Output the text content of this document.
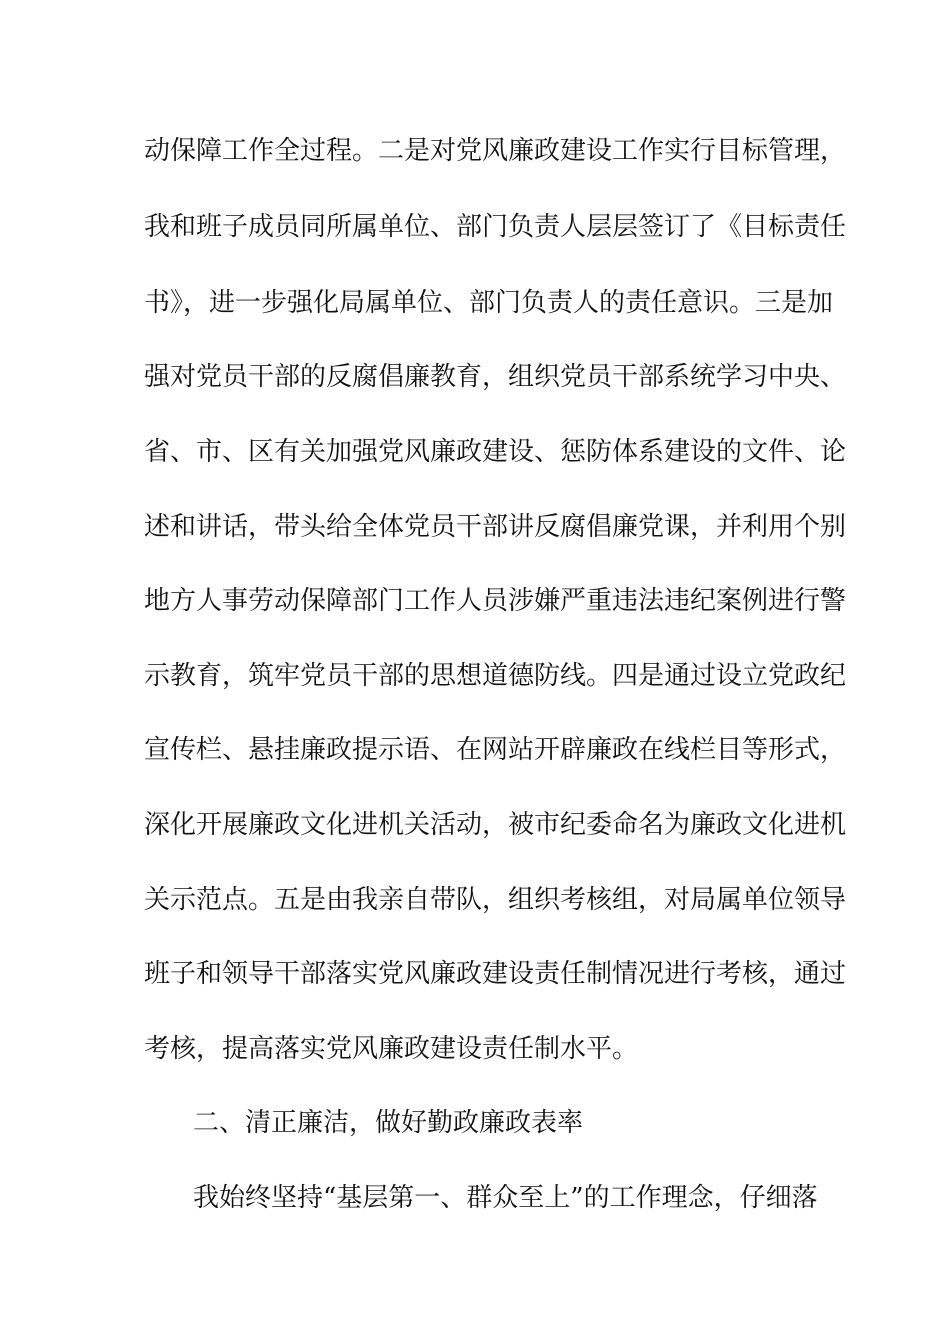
动保障工作全过程。二是对党风廉政建设工作实行目标管理，
我和班子成员同所属单位、部门负责人层层签订了《目标责任
书》，进一步强化局属单位、部门负责人的责任意识。三是加
强对党员干部的反腐倡廉教育，组织党员干部系统学习中央、
省、市、区有关加强党风廉政建设、惩防体系建设的文件、论
述和讲话，带头给全体党员干部讲反腐倡廉党课，并利用个别
地方人事劳动保障部门工作人员涉嫌严重违法违纪案例进行警
示教育，筑牢党员干部的思想道德防线。四是通过设立党政纪
宣传栏、悬挂廉政提示语、在网站开辟廉政在线栏目等形式，
深化开展廉政文化进机关活动，被市纪委命名为廉政文化进机
关示范点。五是由我亲自带队，组织考核组，对局属单位领导
班子和领导干部落实党风廉政建设责任制情况进行考核，通过
考核，提高落实党风廉政建设责任制水平。
二、清正廉洁，做好勤政廉政表率
我始终坚持“基层第一、群众至上”的工作理念，仔细落
